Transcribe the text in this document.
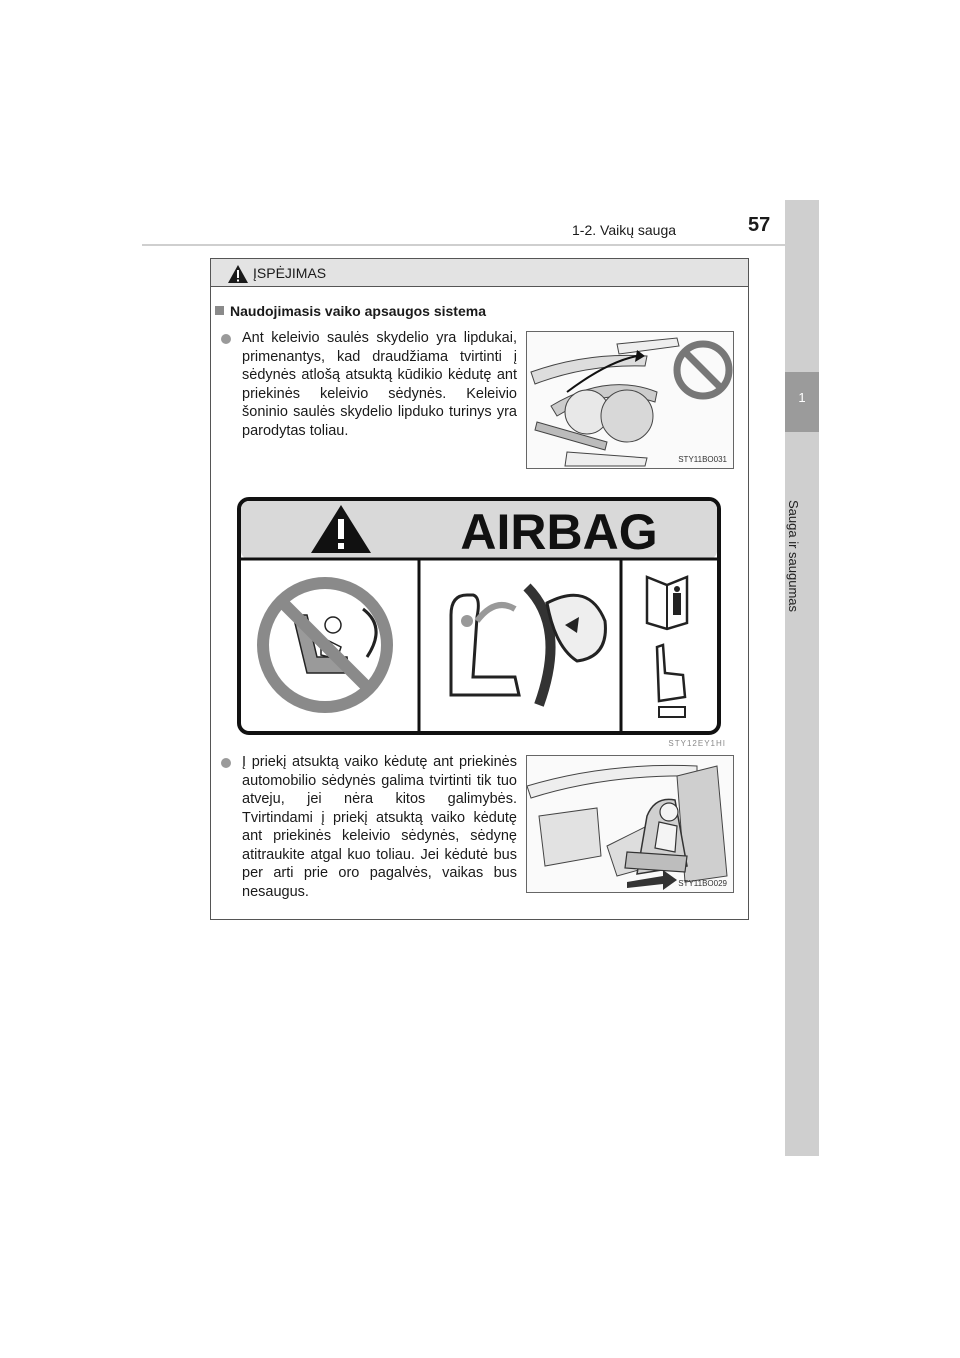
1-2. Vaikų sauga	57
1
Sauga ir saugumas
ĮSPĖJIMAS
Naudojimasis vaiko apsaugos sistema
Ant keleivio saulės skydelio yra lipdukai, primenantys, kad draudžiama tvirtinti į sėdynės atlošą atsuktą kūdikio kėdutę ant priekinės keleivio sėdynės. Keleivio šoninio saulės skydelio lipduko turinys yra parodytas toliau.
STY11BO031
AIRBAG
STY12EY1HI
Į priekį atsuktą vaiko kėdutę ant priekinės automobilio sėdynės galima tvirtinti tik tuo atveju, jei nėra kitos galimybės. Tvirtindami į priekį atsuktą vaiko kėdutę ant priekinės keleivio sėdynės, sėdynę atitraukite atgal kuo toliau. Jei kėdutė bus per arti prie oro pagalvės, vaikas bus nesaugus.	STY11BO029
